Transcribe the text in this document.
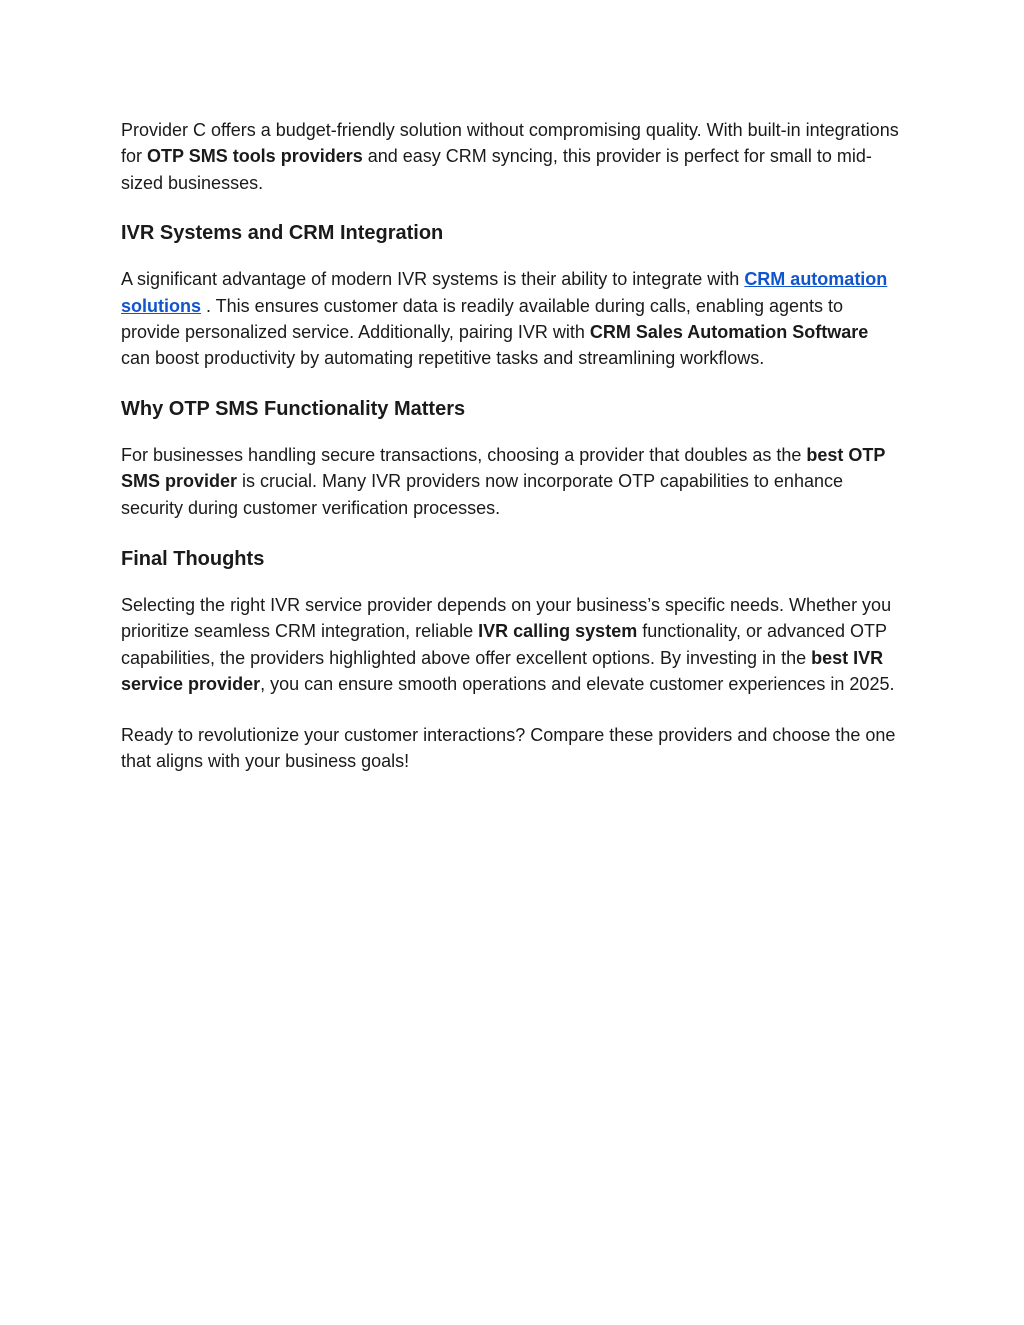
Provider C offers a budget-friendly solution without compromising quality. With built-in integrations for OTP SMS tools providers and easy CRM syncing, this provider is perfect for small to mid-sized businesses.

IVR Systems and CRM Integration

A significant advantage of modern IVR systems is their ability to integrate with CRM automation solutions . This ensures customer data is readily available during calls, enabling agents to provide personalized service. Additionally, pairing IVR with CRM Sales Automation Software can boost productivity by automating repetitive tasks and streamlining workflows.

Why OTP SMS Functionality Matters

For businesses handling secure transactions, choosing a provider that doubles as the best OTP SMS provider is crucial. Many IVR providers now incorporate OTP capabilities to enhance security during customer verification processes.

Final Thoughts

Selecting the right IVR service provider depends on your business’s specific needs. Whether you prioritize seamless CRM integration, reliable IVR calling system functionality, or advanced OTP capabilities, the providers highlighted above offer excellent options. By investing in the best IVR service provider, you can ensure smooth operations and elevate customer experiences in 2025.

Ready to revolutionize your customer interactions? Compare these providers and choose the one that aligns with your business goals!
